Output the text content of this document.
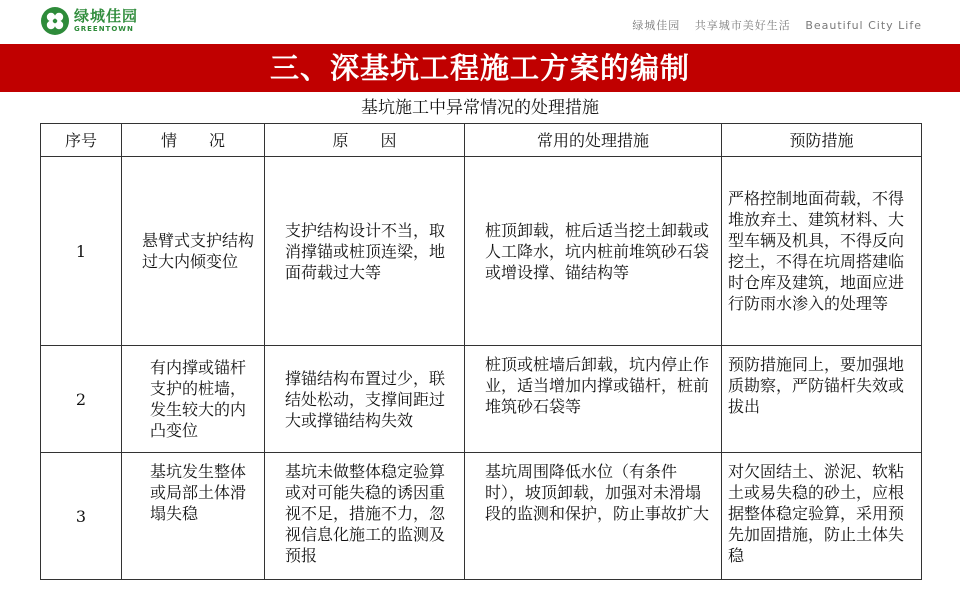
绿城佳园
GREENTOWN	绿城佳园 共享城市美好生活 Beautiful City Life
三、深基坑工程施工方案的编制
基坑施工中异常情况的处理措施
序号	情　　况	原　　因	常用的处理措施	预防措施
1	悬臂式支护结构过大内倾变位	支护结构设计不当，取消撑锚或桩顶连梁，地面荷载过大等	桩顶卸载，桩后适当挖土卸载或人工降水，坑内桩前堆筑砂石袋或增设撑、锚结构等	严格控制地面荷载，不得堆放弃土、建筑材料、大型车辆及机具，不得反向挖土，不得在坑周搭建临时仓库及建筑，地面应进行防雨水渗入的处理等
2	有内撑或锚杆支护的桩墙，发生较大的内凸变位	撑锚结构布置过少，联结处松动，支撑间距过大或撑锚结构失效	桩顶或桩墙后卸载，坑内停止作业，适当增加内撑或锚杆，桩前堆筑砂石袋等	预防措施同上，要加强地质勘察，严防锚杆失效或拔出
3	基坑发生整体或局部土体滑塌失稳	基坑未做整体稳定验算或对可能失稳的诱因重视不足，措施不力，忽视信息化施工的监测及预报	基坑周围降低水位（有条件时），坡顶卸载，加强对未滑塌段的监测和保护，防止事故扩大	对欠固结土、淤泥、软粘土或易失稳的砂土，应根据整体稳定验算，采用预先加固措施，防止土体失稳
